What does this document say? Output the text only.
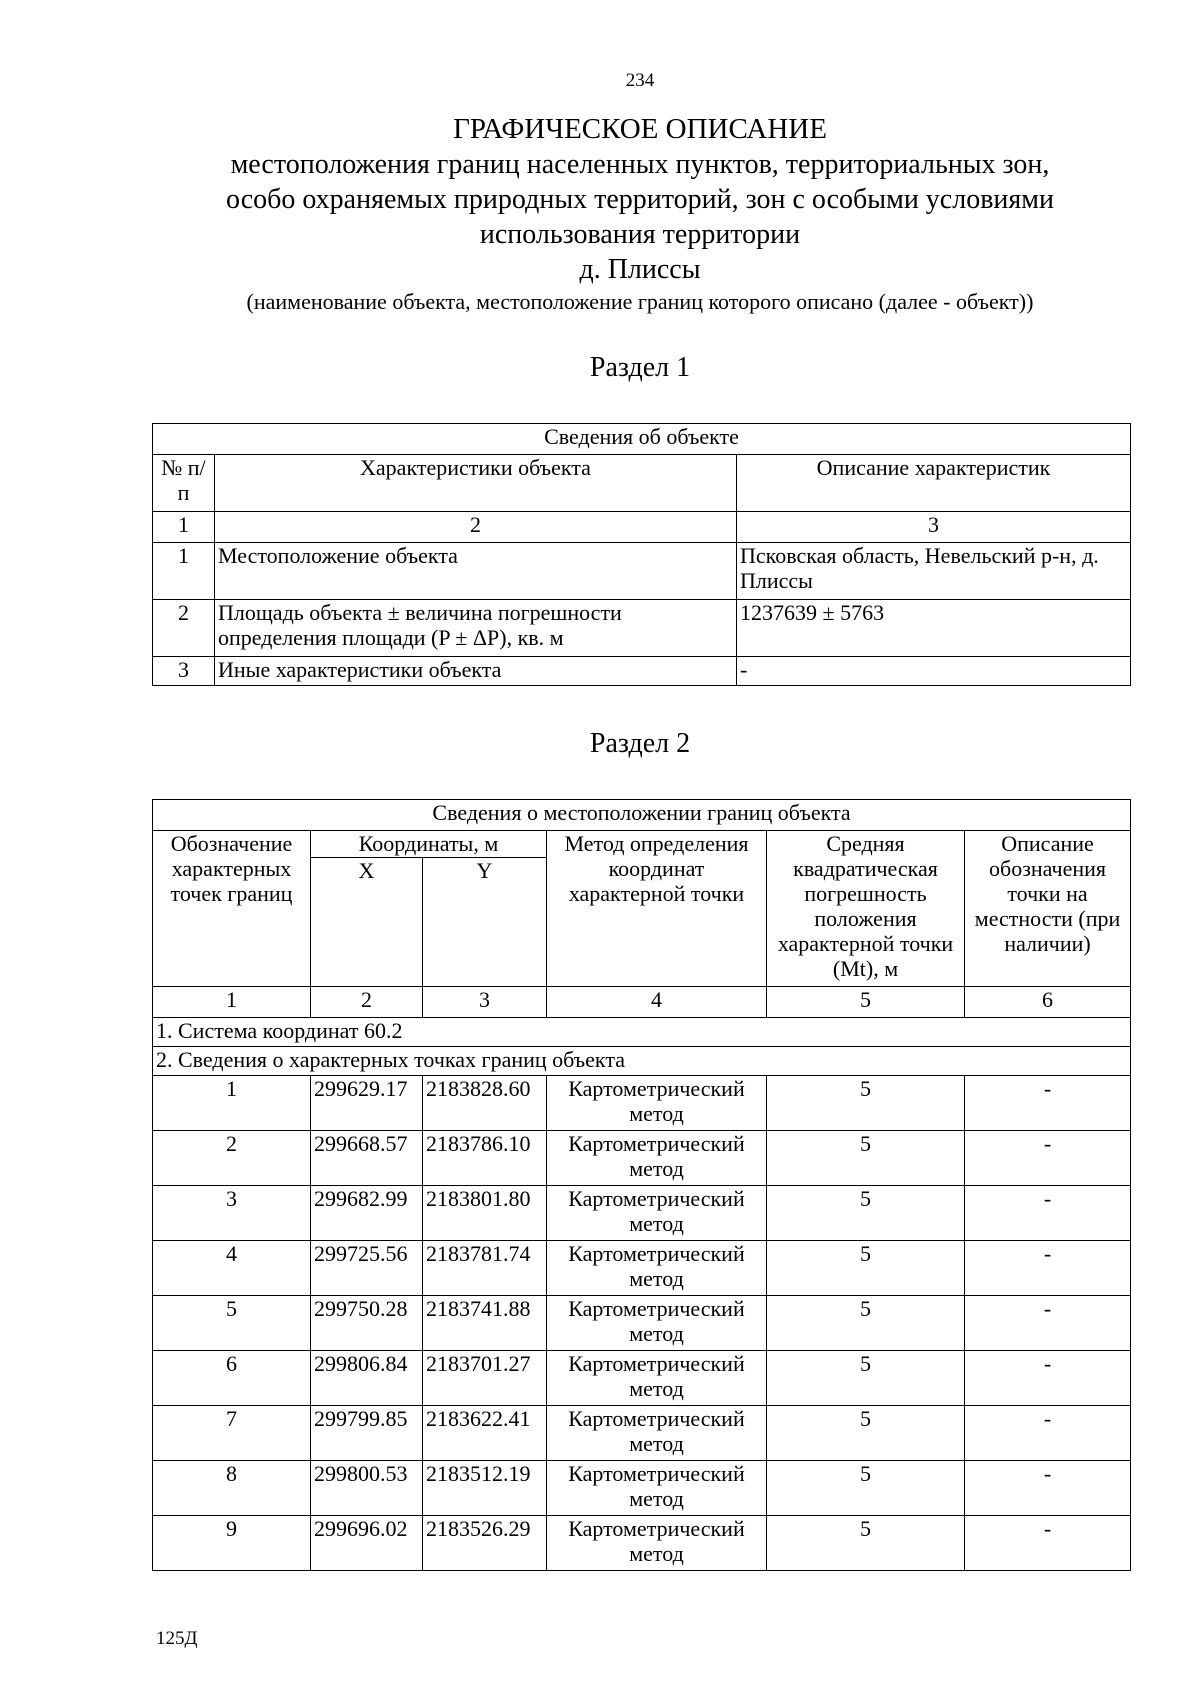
234
ГРАФИЧЕСКОЕ ОПИСАНИЕ
местоположения границ населенных пунктов, территориальных зон,
особо охраняемых природных территорий, зон с особыми условиями
использования территории
д. Плиссы
(наименование объекта, местоположение границ которого описано (далее - объект))
Раздел 1
Сведения об объекте		
№ п/п	Характеристики объекта	Описание характеристик
1	2	3
1	Местоположение объекта	Псковская область, Невельский р-н, д. Плиссы
2	Площадь объекта ± величина погрешности определения площади (P ± ΔP), кв. м	1237639 ± 5763
3	Иные характеристики объекта	-
Раздел 2
Сведения о местоположении границ объекта					
Обозначение характерных точек границ	Координаты, м		Метод определения координат характерной точки	Средняя квадратическая погрешность положения характерной точки (Mt), м	Описание обозначения точки на местности (при наличии)
	X	Y			
1	2	3	4	5	6
1. Система координат 60.2					
2. Сведения о характерных точках границ объекта					
1	299629.17	2183828.60	Картометрический метод	5	-
2	299668.57	2183786.10	Картометрический метод	5	-
3	299682.99	2183801.80	Картометрический метод	5	-
4	299725.56	2183781.74	Картометрический метод	5	-
5	299750.28	2183741.88	Картометрический метод	5	-
6	299806.84	2183701.27	Картометрический метод	5	-
7	299799.85	2183622.41	Картометрический метод	5	-
8	299800.53	2183512.19	Картометрический метод	5	-
9	299696.02	2183526.29	Картометрический метод	5	-
125Д
